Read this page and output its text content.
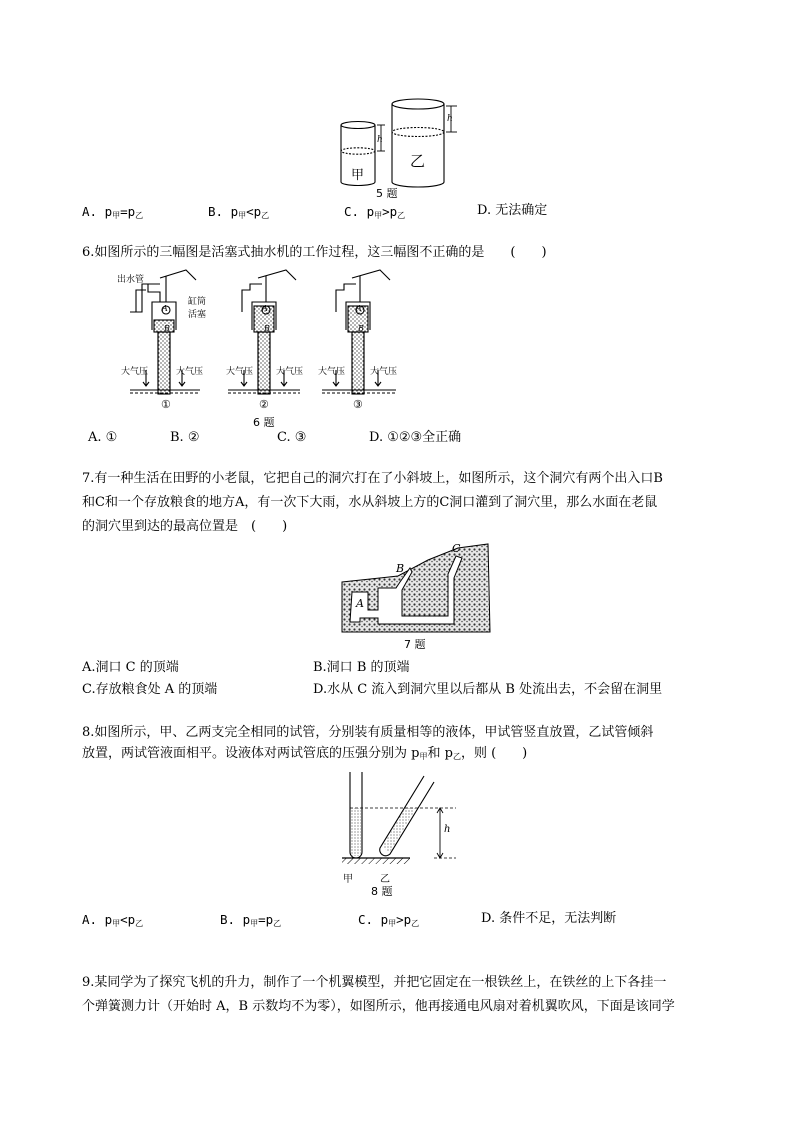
h
h
甲
乙
5 题
A. $p_甲=p_乙$	B. $p_甲<p_乙$	C. $p_甲>p_乙$	D. 无法确定
6.如图所示的三幅图是活塞式抽水机的工作过程，这三幅图不正确的是　　(　　)
出水管
缸筒
活塞
A
B
A
B
A
B
大气压	大气压	大气压	大气压 大气压	大气压
①	②	③
6 题
A. ①	B. ②	C. ③	D. ①②③全正确
7.有一种生活在田野的小老鼠，它把自己的洞穴打在了小斜坡上，如图所示，这个洞穴有两个出入口B
和C和一个存放粮食的地方A，有一次下大雨，水从斜坡上方的C洞口灌到了洞穴里，那么水面在老鼠
的洞穴里到达的最高位置是　(　　)
A
B
C
7 题
A.洞口 C 的顶端	B.洞口 B 的顶端
C.存放粮食处 A 的顶端	D.水从 C 流入到洞穴里以后都从 B 处流出去，不会留在洞里
8.如图所示，甲、乙两支完全相同的试管，分别装有质量相等的液体，甲试管竖直放置，乙试管倾斜
放置，两试管液面相平。设液体对两试管底的压强分别为 $p_甲$和 $p_乙$，则 (　　)
h
甲	乙
8 题
A. $p_甲<p_乙$	B. $p_甲=p_乙$	C. $p_甲>p_乙$	D. 条件不足，无法判断
9.某同学为了探究飞机的升力，制作了一个机翼模型，并把它固定在一根铁丝上，在铁丝的上下各挂一
个弹簧测力计（开始时 A，B 示数均不为零），如图所示，他再接通电风扇对着机翼吹风，下面是该同学
